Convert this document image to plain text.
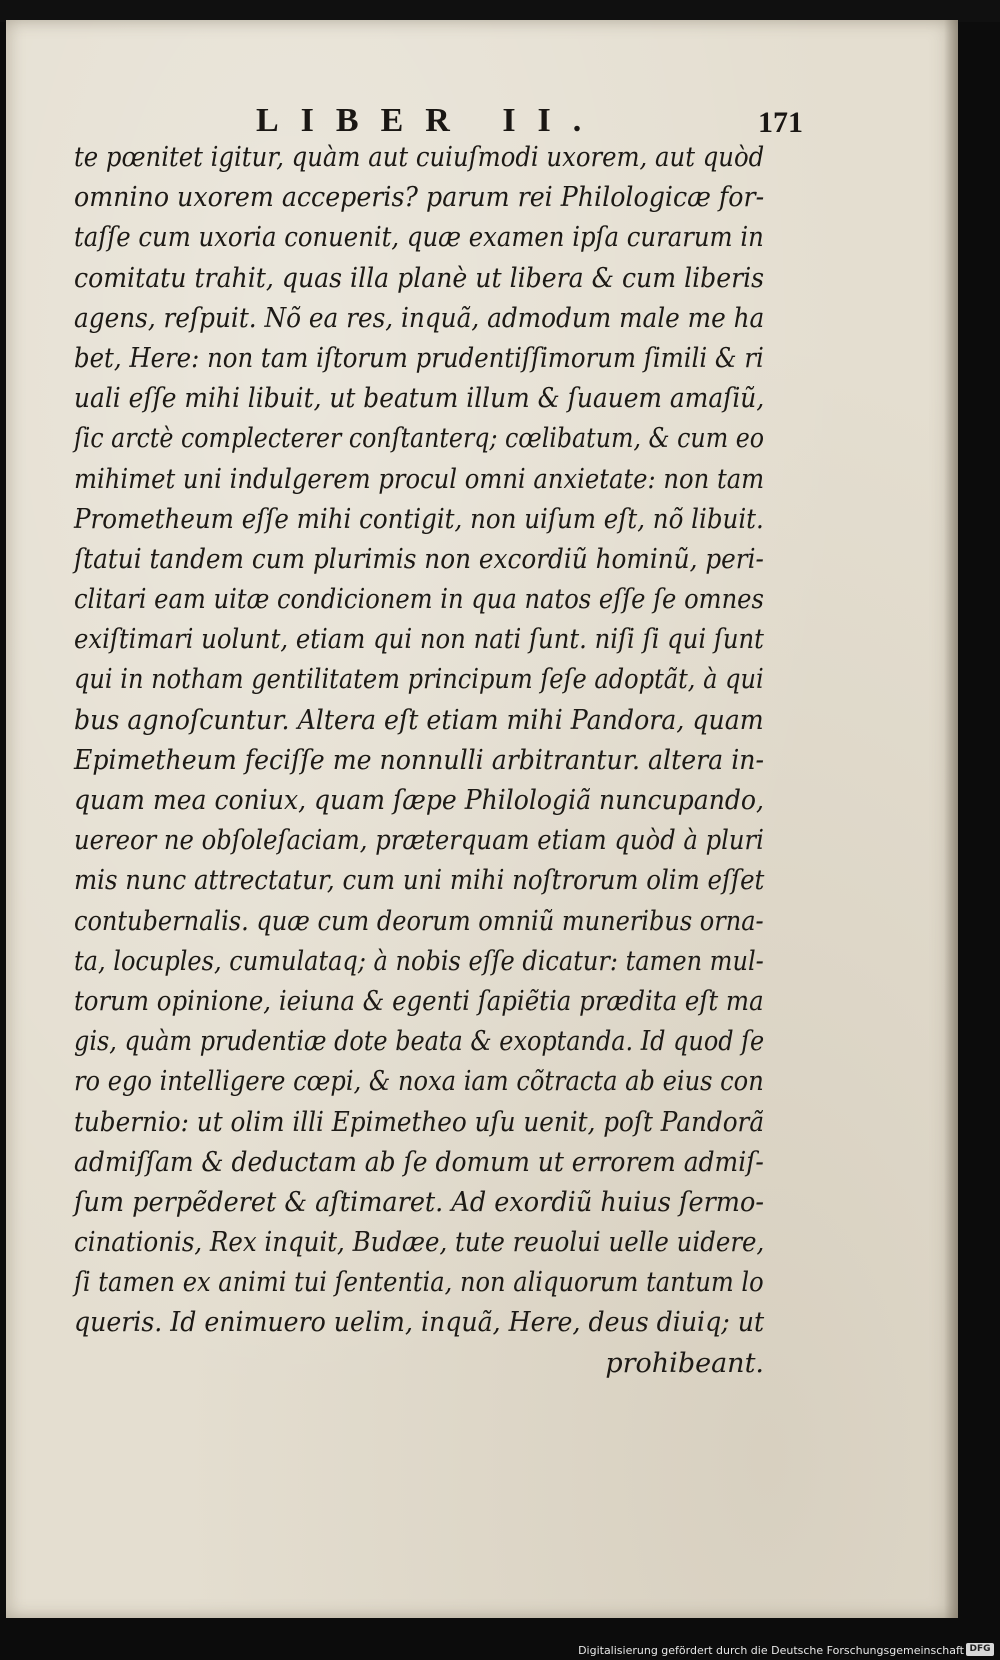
LIBER II.	171
te pœnitet igitur, quàm aut cuiuſmodi uxorem, aut quòd
omnino uxorem acceperis? parum rei Philologicæ for-
taſſe cum uxoria conuenit, quæ examen ipſa curarum in
comitatu trahit, quas illa planè ut libera & cum liberis
agens, reſpuit. Nõ ea res, inquã, admodum male me ha
bet, Here: non tam iſtorum prudentiſſimorum ſimili & ri
uali eſſe mihi libuit, ut beatum illum & ſuauem amaſiũ,
ſic arctè complecterer conſtanterq; cœlibatum, & cum eo
mihimet uni indulgerem procul omni anxietate: non tam
Prometheum eſſe mihi contigit, non uiſum eſt, nõ libuit.
ſtatui tandem cum plurimis non excordiũ hominũ, peri-
clitari eam uitæ condicionem in qua natos eſſe ſe omnes
exiſtimari uolunt, etiam qui non nati ſunt. niſi ſi qui ſunt
qui in notham gentilitatem principum ſeſe adoptãt, à qui
bus agnoſcuntur. Altera eſt etiam mihi Pandora, quam
Epimetheum feciſſe me nonnulli arbitrantur. altera in-
quam mea coniux, quam ſæpe Philologiã nuncupando,
uereor ne obſoleſaciam, præterquam etiam quòd à pluri
mis nunc attrectatur, cum uni mihi noſtrorum olim eſſet
contubernalis. quæ cum deorum omniũ muneribus orna-
ta, locuples, cumulataq; à nobis eſſe dicatur: tamen mul-
torum opinione, ieiuna & egenti ſapiẽtia prædita eſt ma
gis, quàm prudentiæ dote beata & exoptanda. Id quod ſe
ro ego intelligere cœpi, & noxa iam cõtracta ab eius con
tubernio: ut olim illi Epimetheo uſu uenit, poſt Pandorã
admiſſam & deductam ab ſe domum ut errorem admiſ-
ſum perpẽderet & aſtimaret. Ad exordiũ huius ſermo-
cinationis, Rex inquit, Budæe, tute reuolui uelle uidere,
ſi tamen ex animi tui ſententia, non aliquorum tantum lo
queris. Id enimuero uelim, inquã, Here, deus diuiq; ut
prohibeant.
Digitalisierung gefördert durch die Deutsche Forschungsgemeinschaft DFG
